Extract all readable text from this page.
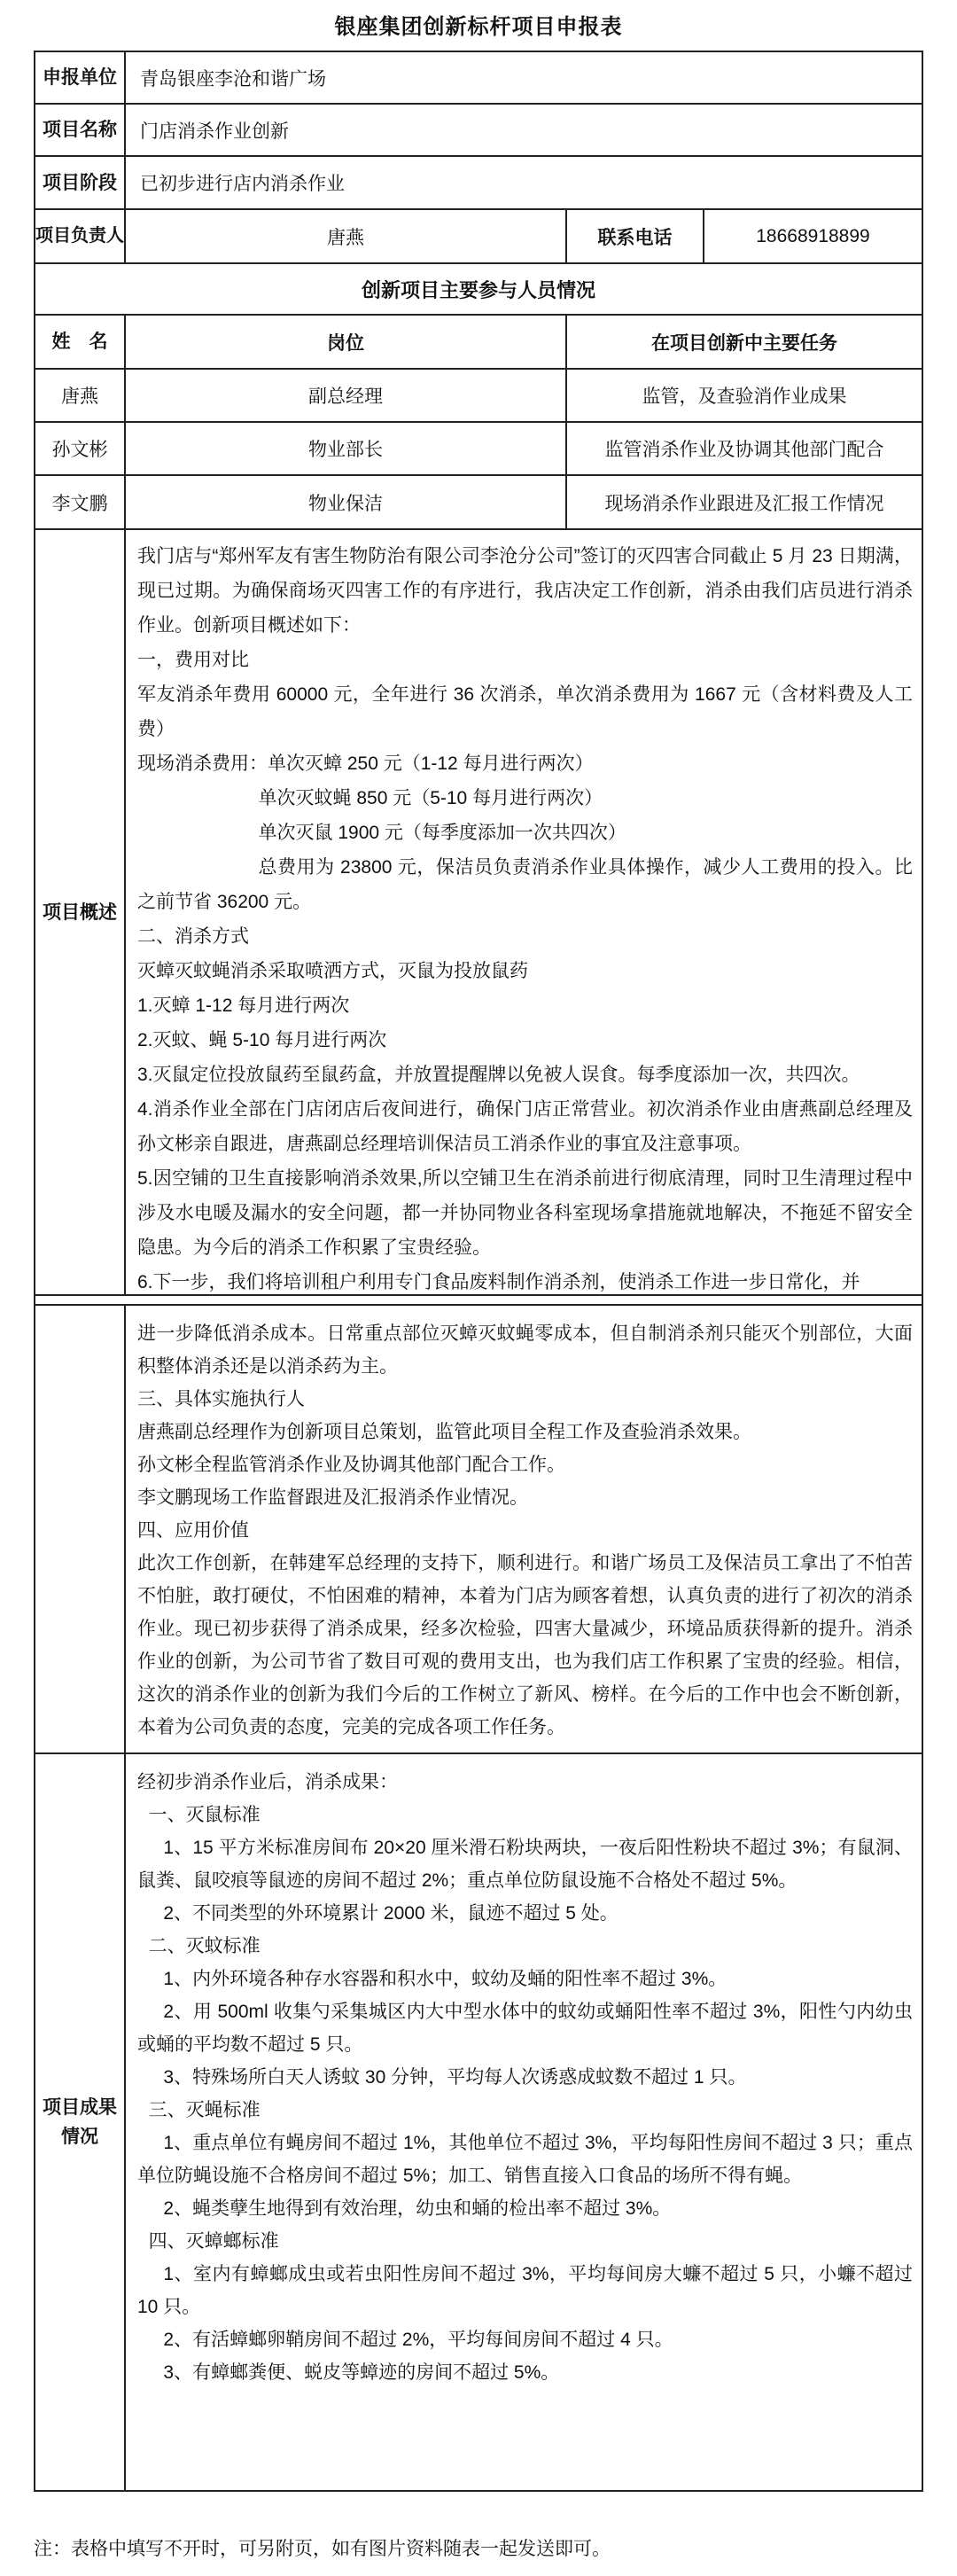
银座集团创新标杆项目申报表
申报单位	青岛银座李沧和谐广场
项目名称	门店消杀作业创新
项目阶段	已初步进行店内消杀作业
项目负责人	唐燕	联系电话	18668918899
创新项目主要参与人员情况
姓　名	岗位	在项目创新中主要任务
唐燕	副总经理	监管，及查验消作业成果
孙文彬	物业部长	监管消杀作业及协调其他部门配合
李文鹏	物业保洁	现场消杀作业跟进及汇报工作情况
项目概述

我门店与“郑州军友有害生物防治有限公司李沧分公司”签订的灭四害合同截止 5 月 23 日期满，现已过期。为确保商场灭四害工作的有序进行，我店决定工作创新，消杀由我们店员进行消杀作业。创新项目概述如下：

一，费用对比

军友消杀年费用 60000 元，全年进行 36 次消杀，单次消杀费用为 1667 元（含材料费及人工费）

现场消杀费用：单次灭蟑 250 元（1-12 每月进行两次）

单次灭蚊蝇 850 元（5-10 每月进行两次）

单次灭鼠 1900 元（每季度添加一次共四次）

总费用为 23800 元，保洁员负责消杀作业具体操作，减少人工费用的投入。比之前节省 36200 元。

二、消杀方式

灭蟑灭蚊蝇消杀采取喷洒方式，灭鼠为投放鼠药

1.灭蟑 1-12 每月进行两次

2.灭蚊、蝇 5-10 每月进行两次

3.灭鼠定位投放鼠药至鼠药盒，并放置提醒牌以免被人误食。每季度添加一次，共四次。

4.消杀作业全部在门店闭店后夜间进行，确保门店正常营业。初次消杀作业由唐燕副总经理及孙文彬亲自跟进，唐燕副总经理培训保洁员工消杀作业的事宜及注意事项。

5.因空铺的卫生直接影响消杀效果,所以空铺卫生在消杀前进行彻底清理，同时卫生清理过程中涉及水电暖及漏水的安全问题，都一并协同物业各科室现场拿措施就地解决，不拖延不留安全隐患。为今后的消杀工作积累了宝贵经验。

6.下一步，我们将培训租户利用专门食品废料制作消杀剂，使消杀工作进一步日常化，并

进一步降低消杀成本。日常重点部位灭蟑灭蚊蝇零成本，但自制消杀剂只能灭个别部位，大面积整体消杀还是以消杀药为主。

三、具体实施执行人

唐燕副总经理作为创新项目总策划，监管此项目全程工作及查验消杀效果。

孙文彬全程监管消杀作业及协调其他部门配合工作。

李文鹏现场工作监督跟进及汇报消杀作业情况。

四、应用价值

此次工作创新，在韩建军总经理的支持下，顺利进行。和谐广场员工及保洁员工拿出了不怕苦不怕脏，敢打硬仗，不怕困难的精神，本着为门店为顾客着想，认真负责的进行了初次的消杀作业。现已初步获得了消杀成果，经多次检验，四害大量减少，环境品质获得新的提升。消杀作业的创新，为公司节省了数目可观的费用支出，也为我们店工作积累了宝贵的经验。相信，这次的消杀作业的创新为我们今后的工作树立了新风、榜样。在今后的工作中也会不断创新，本着为公司负责的态度，完美的完成各项工作任务。

项目成果情况

经初步消杀作业后，消杀成果：

一、灭鼠标准

1、15 平方米标准房间布 20×20 厘米滑石粉块两块，一夜后阳性粉块不超过 3%；有鼠洞、鼠粪、鼠咬痕等鼠迹的房间不超过 2%；重点单位防鼠设施不合格处不超过 5%。

2、不同类型的外环境累计 2000 米，鼠迹不超过 5 处。

二、灭蚊标准

1、内外环境各种存水容器和积水中，蚊幼及蛹的阳性率不超过 3%。

2、用 500ml 收集勺采集城区内大中型水体中的蚊幼或蛹阳性率不超过 3%，阳性勺内幼虫或蛹的平均数不超过 5 只。

3、特殊场所白天人诱蚊 30 分钟，平均每人次诱惑成蚊数不超过 1 只。

三、灭蝇标准

1、重点单位有蝇房间不超过 1%，其他单位不超过 3%，平均每阳性房间不超过 3 只；重点单位防蝇设施不合格房间不超过 5%；加工、销售直接入口食品的场所不得有蝇。

2、蝇类孽生地得到有效治理，幼虫和蛹的检出率不超过 3%。

四、灭蟑螂标准

1、室内有蟑螂成虫或若虫阳性房间不超过 3%，平均每间房大蠊不超过 5 只，小蠊不超过 10 只。

2、有活蟑螂卵鞘房间不超过 2%，平均每间房间不超过 4 只。

3、有蟑螂粪便、蜕皮等蟑迹的房间不超过 5%。

注：表格中填写不开时，可另附页，如有图片资料随表一起发送即可。
